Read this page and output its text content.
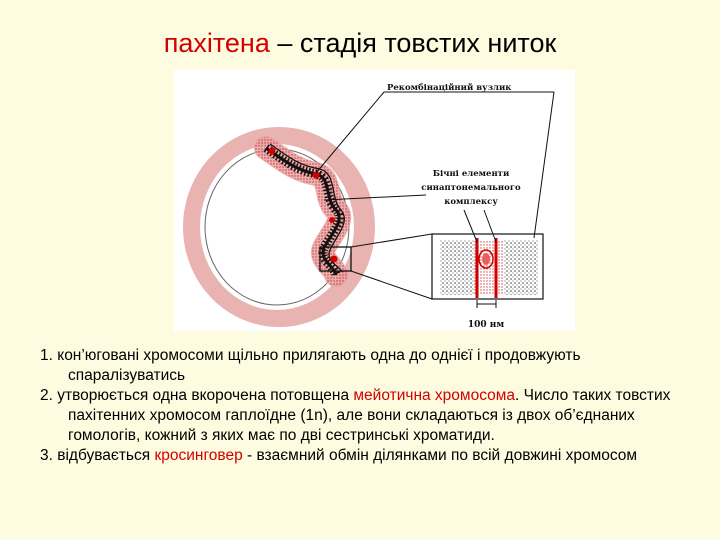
пахітена – стадія товстих ниток
100 нм
Рекомбінаційний вузлик
Бічні елементи
синаптонемального
комплексу

1. кон’юговані хромосоми щільно прилягають одна до однієї і продовжують спаралізуватись

2. утворюється одна вкорочена потовщена мейотична хромосома. Число таких товстих пахітенних хромосом гаплоїдне (1n), але вони складаються із двох об’єднаних гомологів, кожний з яких має по дві сестринські хроматиди.

3. відбувається кросинговер - взаємний обмін ділянками по всій довжині хромосом
